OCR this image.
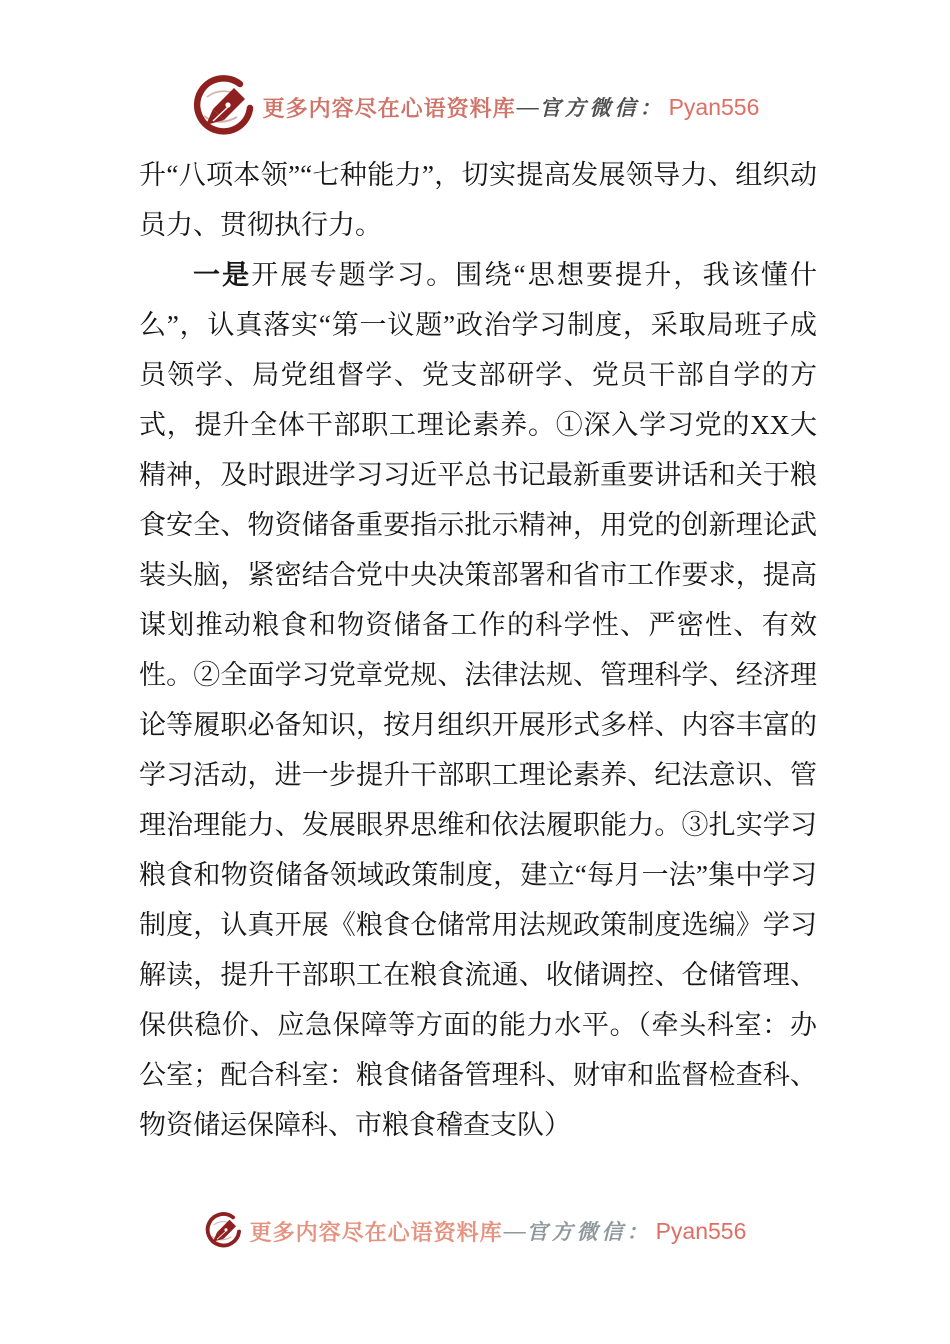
更多内容尽在心语资料库 — 官方微信： Pyan556

升“八项本领”“七种能力”，切实提高发展领导力、组织动员力、贯彻执行力。

一是开展专题学习。围绕“思想要提升，我该懂什么”，认真落实“第一议题”政治学习制度，采取局班子成员领学、局党组督学、党支部研学、党员干部自学的方式，提升全体干部职工理论素养。①深入学习党的XX大精神，及时跟进学习习近平总书记最新重要讲话和关于粮食安全、物资储备重要指示批示精神，用党的创新理论武装头脑，紧密结合党中央决策部署和省市工作要求，提高谋划推动粮食和物资储备工作的科学性、严密性、有效性。②全面学习党章党规、法律法规、管理科学、经济理论等履职必备知识，按月组织开展形式多样、内容丰富的学习活动，进一步提升干部职工理论素养、纪法意识、管理治理能力、发展眼界思维和依法履职能力。③扎实学习粮食和物资储备领域政策制度，建立“每月一法”集中学习制度，认真开展《粮食仓储常用法规政策制度选编》学习解读，提升干部职工在粮食流通、收储调控、仓储管理、保供稳价、应急保障等方面的能力水平。（牵头科室：办公室；配合科室：粮食储备管理科、财审和监督检查科、物资储运保障科、市粮食稽查支队）

更多内容尽在心语资料库 — 官方微信： Pyan556
